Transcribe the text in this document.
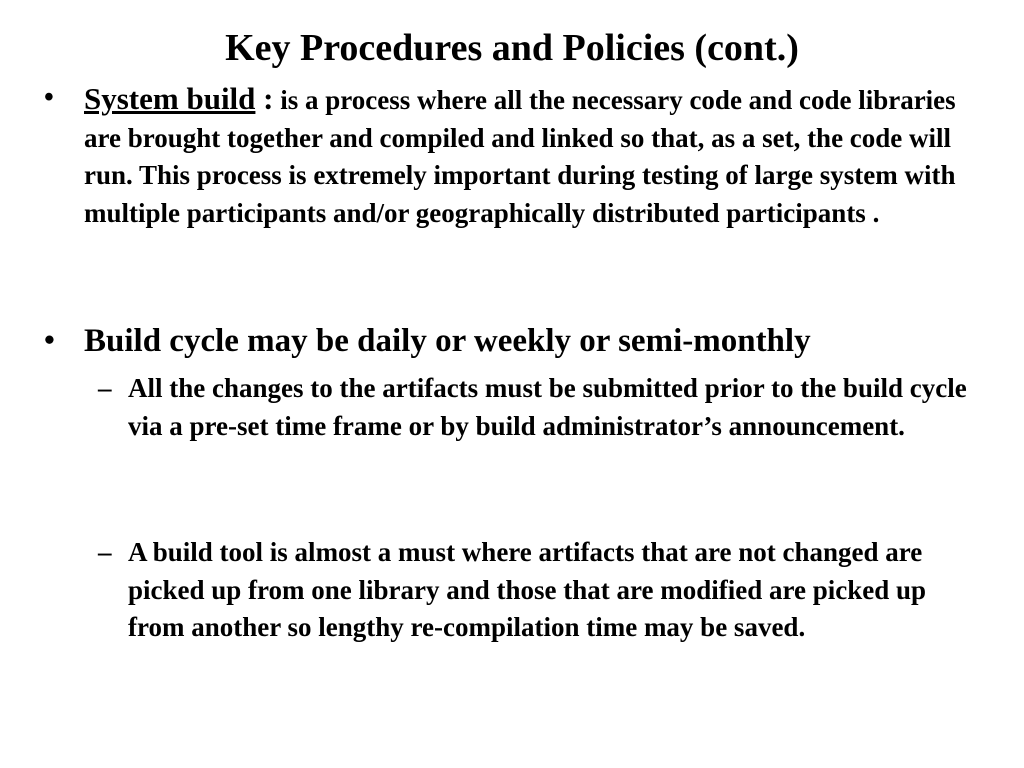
Key Procedures and Policies (cont.)
• System build : is a process where all the necessary code and code libraries are brought together and compiled and linked so that, as a set, the code will run. This process is extremely important during testing of large system with multiple participants and/or geographically distributed participants .
• Build cycle may be daily or weekly or semi-monthly
– All the changes to the artifacts must be submitted prior to the build cycle via a pre-set time frame or by build administrator’s announcement.
– A build tool is almost a must where artifacts that are not changed are picked up from one library and those that are modified are picked up from another so lengthy re-compilation time may be saved.
